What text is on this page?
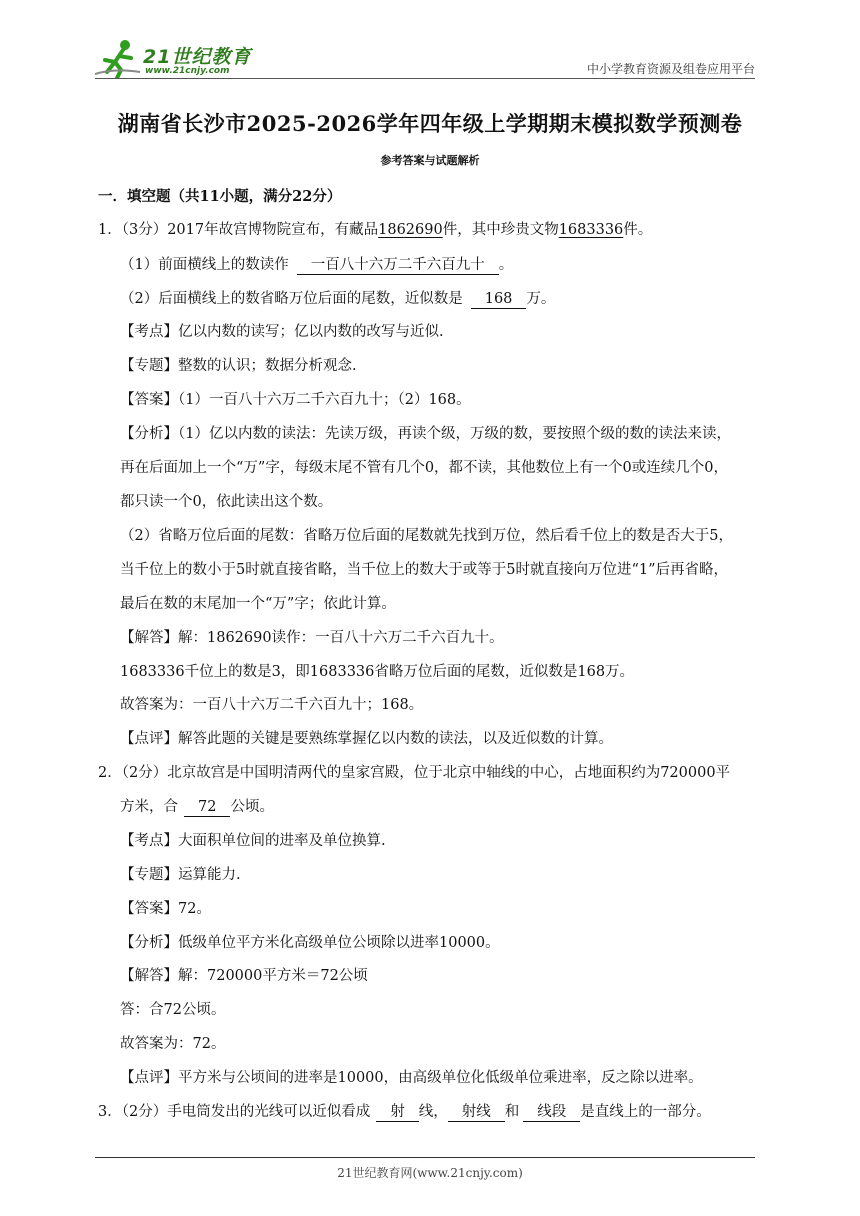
21世纪教育
www.21cnjy.com	中小学教育资源及组卷应用平台
湖南省长沙市2025-2026学年四年级上学期期末模拟数学预测卷
参考答案与试题解析
一．填空题（共11小题，满分22分）
1．（3分）2017年故宫博物院宣布，有藏品1862690件，其中珍贵文物1683336件。
（1）前面横线上的数读作 一百八十六万二千六百九十 。
（2）后面横线上的数省略万位后面的尾数，近似数是 168 万。
【考点】亿以内数的读写；亿以内数的改写与近似.
【专题】整数的认识；数据分析观念.
【答案】（1）一百八十六万二千六百九十；（2）168。
【分析】（1）亿以内数的读法：先读万级，再读个级，万级的数，要按照个级的数的读法来读，
再在后面加上一个“万”字，每级末尾不管有几个0，都不读，其他数位上有一个0或连续几个0，
都只读一个0，依此读出这个数。
（2）省略万位后面的尾数：省略万位后面的尾数就先找到万位，然后看千位上的数是否大于5，
当千位上的数小于5时就直接省略，当千位上的数大于或等于5时就直接向万位进“1”后再省略，
最后在数的末尾加一个“万”字；依此计算。
【解答】解：1862690读作：一百八十六万二千六百九十。
1683336千位上的数是3，即1683336省略万位后面的尾数，近似数是168万。
故答案为：一百八十六万二千六百九十；168。
【点评】解答此题的关键是要熟练掌握亿以内数的读法，以及近似数的计算。
2．（2分）北京故宫是中国明清两代的皇家宫殿，位于北京中轴线的中心，占地面积约为720000平
方米，合 72 公顷。
【考点】大面积单位间的进率及单位换算.
【专题】运算能力.
【答案】72。
【分析】低级单位平方米化高级单位公顷除以进率10000。
【解答】解：720000平方米＝72公顷
答：合72公顷。
故答案为：72。
【点评】平方米与公顷间的进率是10000，由高级单位化低级单位乘进率，反之除以进率。
3．（2分）手电筒发出的光线可以近似看成 射 线， 射线 和 线段 是直线上的一部分。
21世纪教育网(www.21cnjy.com)
